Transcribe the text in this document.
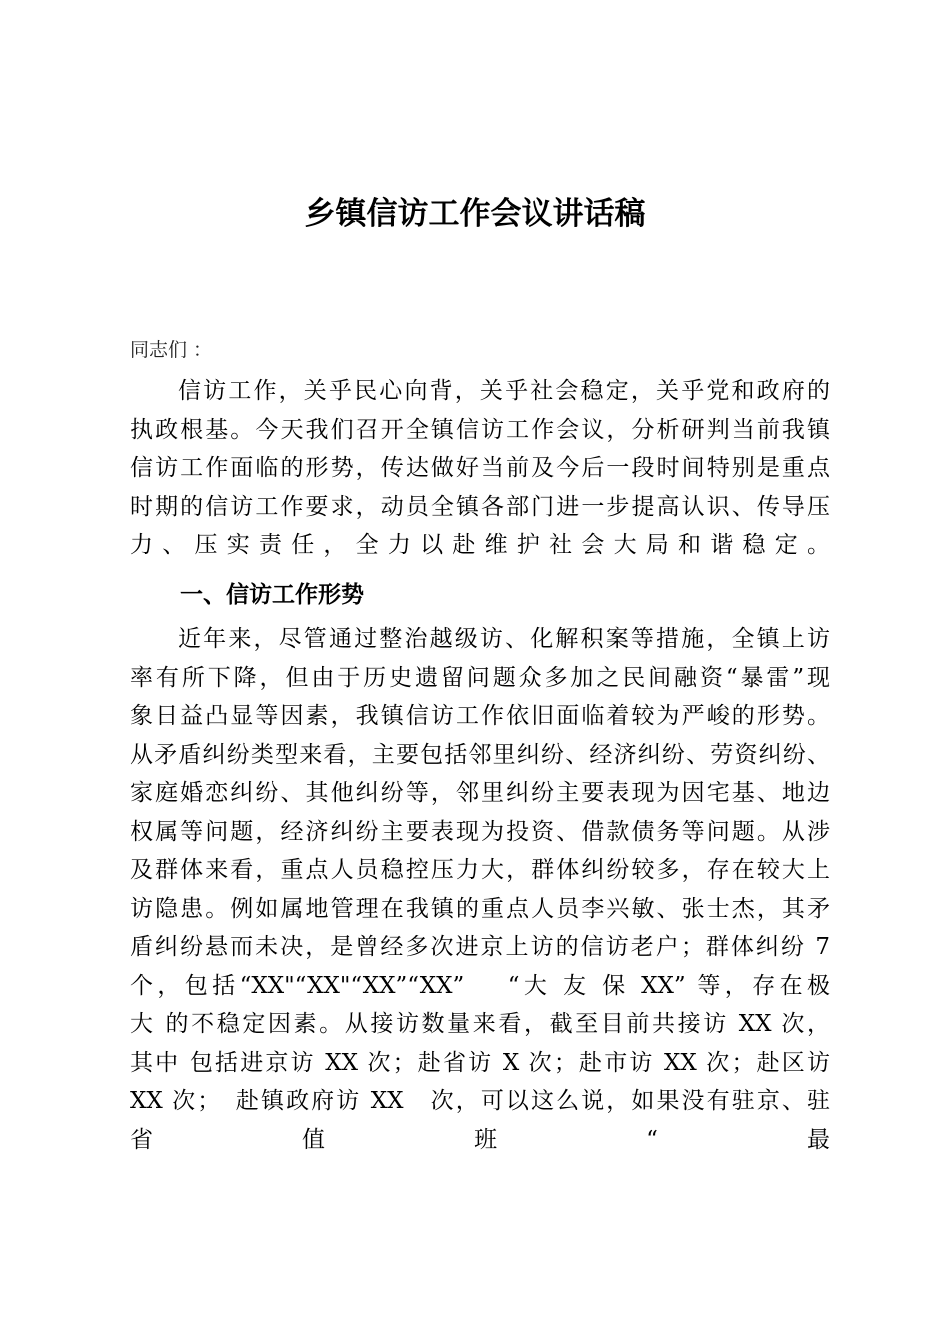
乡镇信访工作会议讲话稿
同志们 ：
信访工作，关乎民心向背，关乎社会稳定，关乎党和政府的
执政根基。今天我们召开全镇信访工作会议，分析研判当前我镇
信访工作面临的形势，传达做好当前及今后一段时间特别是重点
时期的信访工作要求，动员全镇各部门进一步提高认识、传导压
力、压实责任，全力以赴维护社会大局和谐稳定。
一、信访工作形势
近年来，尽管通过整治越级访、化解积案等措施，全镇上访
率有所下降，但由于历史遗留问题众多加之民间融资“暴雷”现
象日益凸显等因素，我镇信访工作依旧面临着较为严峻的形势。
从矛盾纠纷类型来看，主要包括邻里纠纷、经济纠纷、劳资纠纷、
家庭婚恋纠纷、其他纠纷等，邻里纠纷主要表现为因宅基、地边
权属等问题，经济纠纷主要表现为投资、借款债务等问题。从涉
及群体来看，重点人员稳控压力大，群体纠纷较多，存在较大上
访隐患。例如属地管理在我镇的重点人员李兴敏、张士杰，其矛
盾纠纷悬而未决，是曾经多次进京上访的信访老户；群体纠纷 7
个，包括“XX"“XX"“XX”“XX”　 “大 友 保 XX” 等，存在极
大 的不稳定因素。从接访数量来看，截至目前共接访 XX 次，
其中 包括进京访 XX 次；赴省访 X 次；赴市访 XX 次；赴区访
XX 次；　赴镇政府访 XX　次，可以这么说，如果没有驻京、驻
省值班“最
